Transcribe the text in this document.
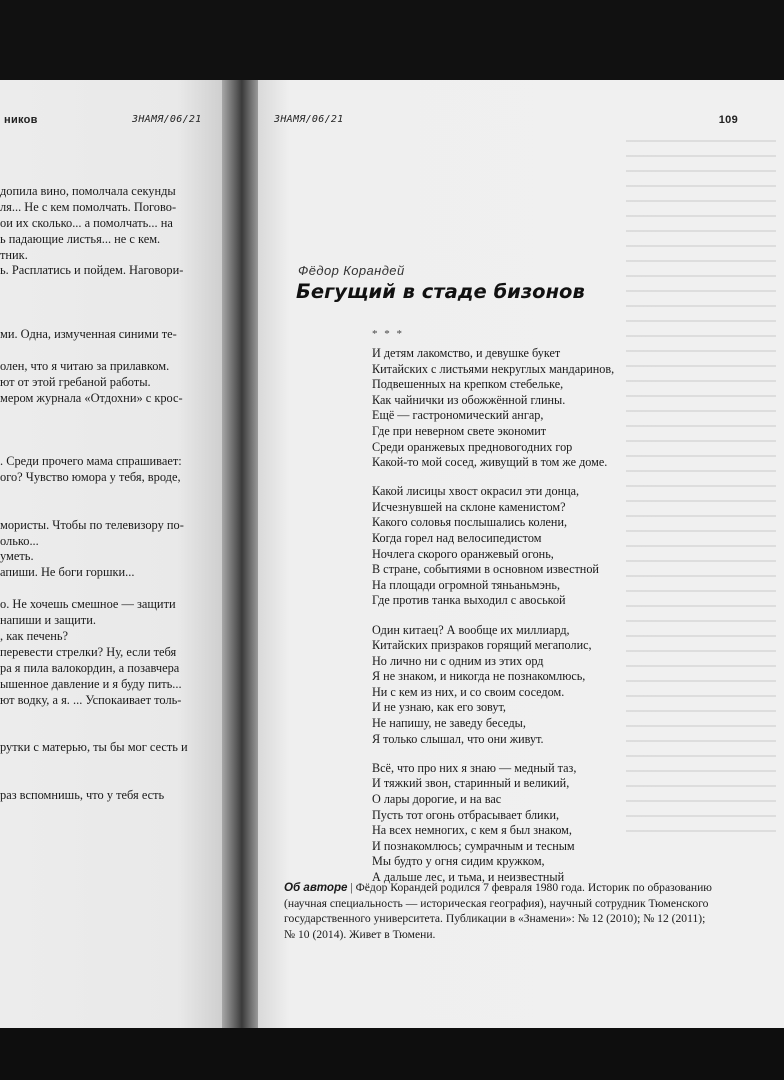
ников	ЗНАМЯ/06/21
допила вино, помолчала секунды
ля... Не с кем помолчать. Погово-
ои их сколько... а помолчать... на
ь падающие листья... не с кем.
тник.
ь. Расплатись и пойдем. Наговори-
ми. Одна, измученная синими те-
олен, что я читаю за прилавком.
ют от этой гребаной работы.
мером журнала «Отдохни» с крос-
. Среди прочего мама спрашивает:
ого? Чувство юмора у тебя, вроде,
мористы. Чтобы по телевизору по-
олько...
уметь.
апиши. Не боги горшки...
о. Не хочешь смешное — защити
напиши и защити.
, как печень?
перевести стрелки? Ну, если тебя
ра я пила валокордин, а позавчера
ышенное давление и я буду пить...
ют водку, а я. ... Успокаивает толь-
рутки с матерью, ты бы мог сесть и
раз вспомнишь, что у тебя есть
ЗНАМЯ/06/21	109
Фёдор Корандей
Бегущий в стаде бизонов
* * *
И детям лакомство, и девушке букет
Китайских с листьями некруглых мандаринов,
Подвешенных на крепком стебельке,
Как чайнички из обожжённой глины.
Ещё — гастрономический ангар,
Где при неверном свете экономит
Среди оранжевых предновогодних гор
Какой-то мой сосед, живущий в том же доме.
Какой лисицы хвост окрасил эти донца,
Исчезнувшей на склоне каменистом?
Какого соловья послышались колени,
Когда горел над велосипедистом
Ночлега скорого оранжевый огонь,
В стране, событиями в основном известной
На площади огромной тяньаньмэнь,
Где против танка выходил с авоськой
Один китаец? А вообще их миллиард,
Китайских призраков горящий мегаполис,
Но лично ни с одним из этих орд
Я не знаком, и никогда не познакомлюсь,
Ни с кем из них, и со своим соседом.
И не узнаю, как его зовут,
Не напишу, не заведу беседы,
Я только слышал, что они живут.
Всё, что про них я знаю — медный таз,
И тяжкий звон, старинный и великий,
О лары дорогие, и на вас
Пусть тот огонь отбрасывает блики,
На всех немногих, с кем я был знаком,
И познакомлюсь; сумрачным и тесным
Мы будто у огня сидим кружком,
А дальше лес, и тьма, и неизвестный
Об авторе | Фёдор Корандей родился 7 февраля 1980 года. Историк по образованию
(научная специальность — историческая география), научный сотрудник Тюменского
государственного университета. Публикации в «Знамени»: № 12 (2010); № 12 (2011);
№ 10 (2014). Живет в Тюмени.
